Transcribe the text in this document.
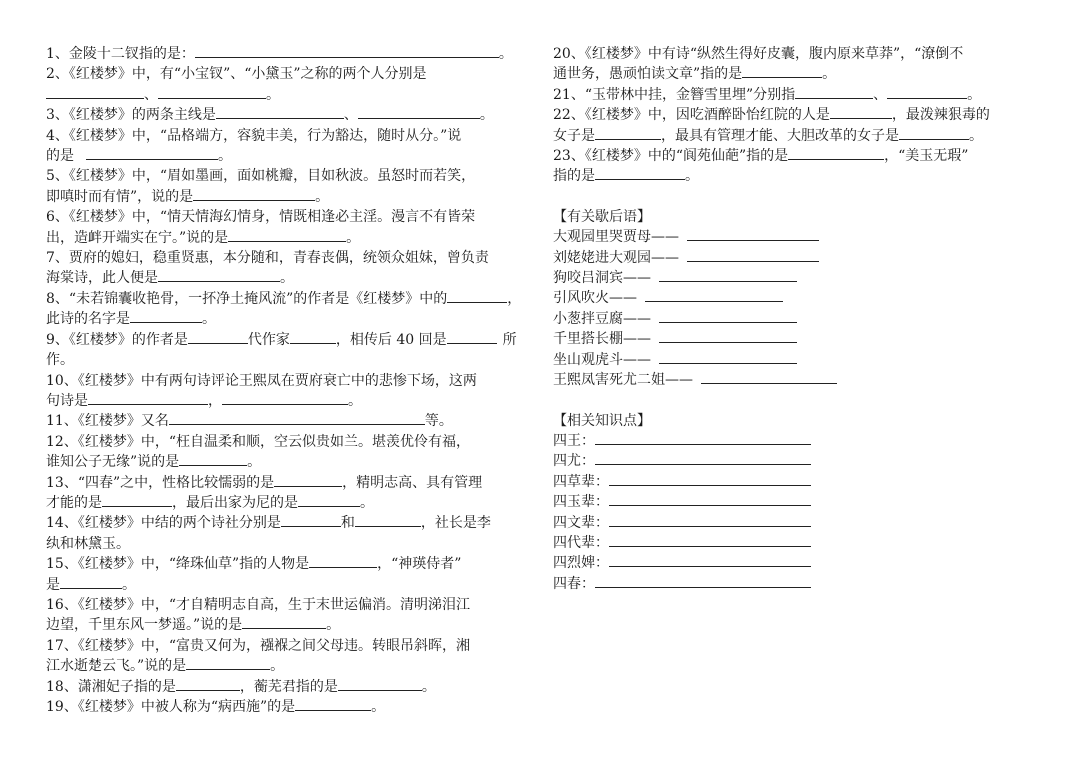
1、金陵十二钗指的是：	。
2、《红楼梦》中，有“小宝钗”、“小黛玉”之称的两个人分别是
、	。
3、《红楼梦》的两条主线是	、	。
4、《红楼梦》中，“品格端方，容貌丰美，行为豁达，随时从分。”说
的是	。
5、《红楼梦》中，“眉如墨画，面如桃瓣，目如秋波。虽怒时而若笑，
即嗔时而有情”，说的是	。
6、《红楼梦》中，“情天情海幻情身，情既相逢必主淫。漫言不有皆荣
出，造衅开端实在宁。”说的是	。
7、贾府的媳妇，稳重贤惠，本分随和，青春丧偶，统领众姐妹，曾负责
海棠诗，此人便是	。
8、“未若锦囊收艳骨，一抔净土掩风流”的作者是《红楼梦》中的	，
此诗的名字是	。
9、《红楼梦》的作者是	代作家	，相传后 40 回是	所
作。
10、《红楼梦》中有两句诗评论王熙凤在贾府衰亡中的悲惨下场，这两
句诗是	，	。
11、《红楼梦》又名	等。
12、《红楼梦》中，“枉自温柔和顺，空云似贵如兰。堪羡优伶有福，
谁知公子无缘”说的是	。
13、“四春”之中，性格比较懦弱的是	，精明志高、具有管理
才能的是	，最后出家为尼的是	。
14、《红楼梦》中结的两个诗社分别是	和	，社长是李
纨和林黛玉。
15、《红楼梦》中，“绛珠仙草”指的人物是	，“神瑛侍者”
是	。
16、《红楼梦》中，“才自精明志自高，生于末世运偏消。清明涕泪江
边望，千里东风一梦遥。”说的是	。
17、《红楼梦》中，“富贵又何为，襁褓之间父母违。转眼吊斜晖，湘
江水逝楚云飞。”说的是	。
18、潇湘妃子指的是	，蘅芜君指的是	。
19、《红楼梦》中被人称为“病西施”的是	。
20、《红楼梦》中有诗“纵然生得好皮囊，腹内原来草莽”，“潦倒不
通世务，愚顽怕读文章”指的是	。
21、“玉带林中挂，金簪雪里埋”分别指	、	。
22、《红楼梦》中，因吃酒醉卧怡红院的人是	，最泼辣狠毒的
女子是	，最具有管理才能、大胆改革的女子是	。
23、《红楼梦》中的“阆苑仙葩”指的是	，“美玉无瑕”
指的是	。
【有关歇后语】
大观园里哭贾母——
刘姥姥进大观园——
狗咬吕洞宾——
引风吹火——
小葱拌豆腐——
千里搭长棚——
坐山观虎斗——
王熙凤害死尤二姐——
【相关知识点】
四王：
四尤：
四草辈：
四玉辈：
四文辈：
四代辈：
四烈婢：
四春：
